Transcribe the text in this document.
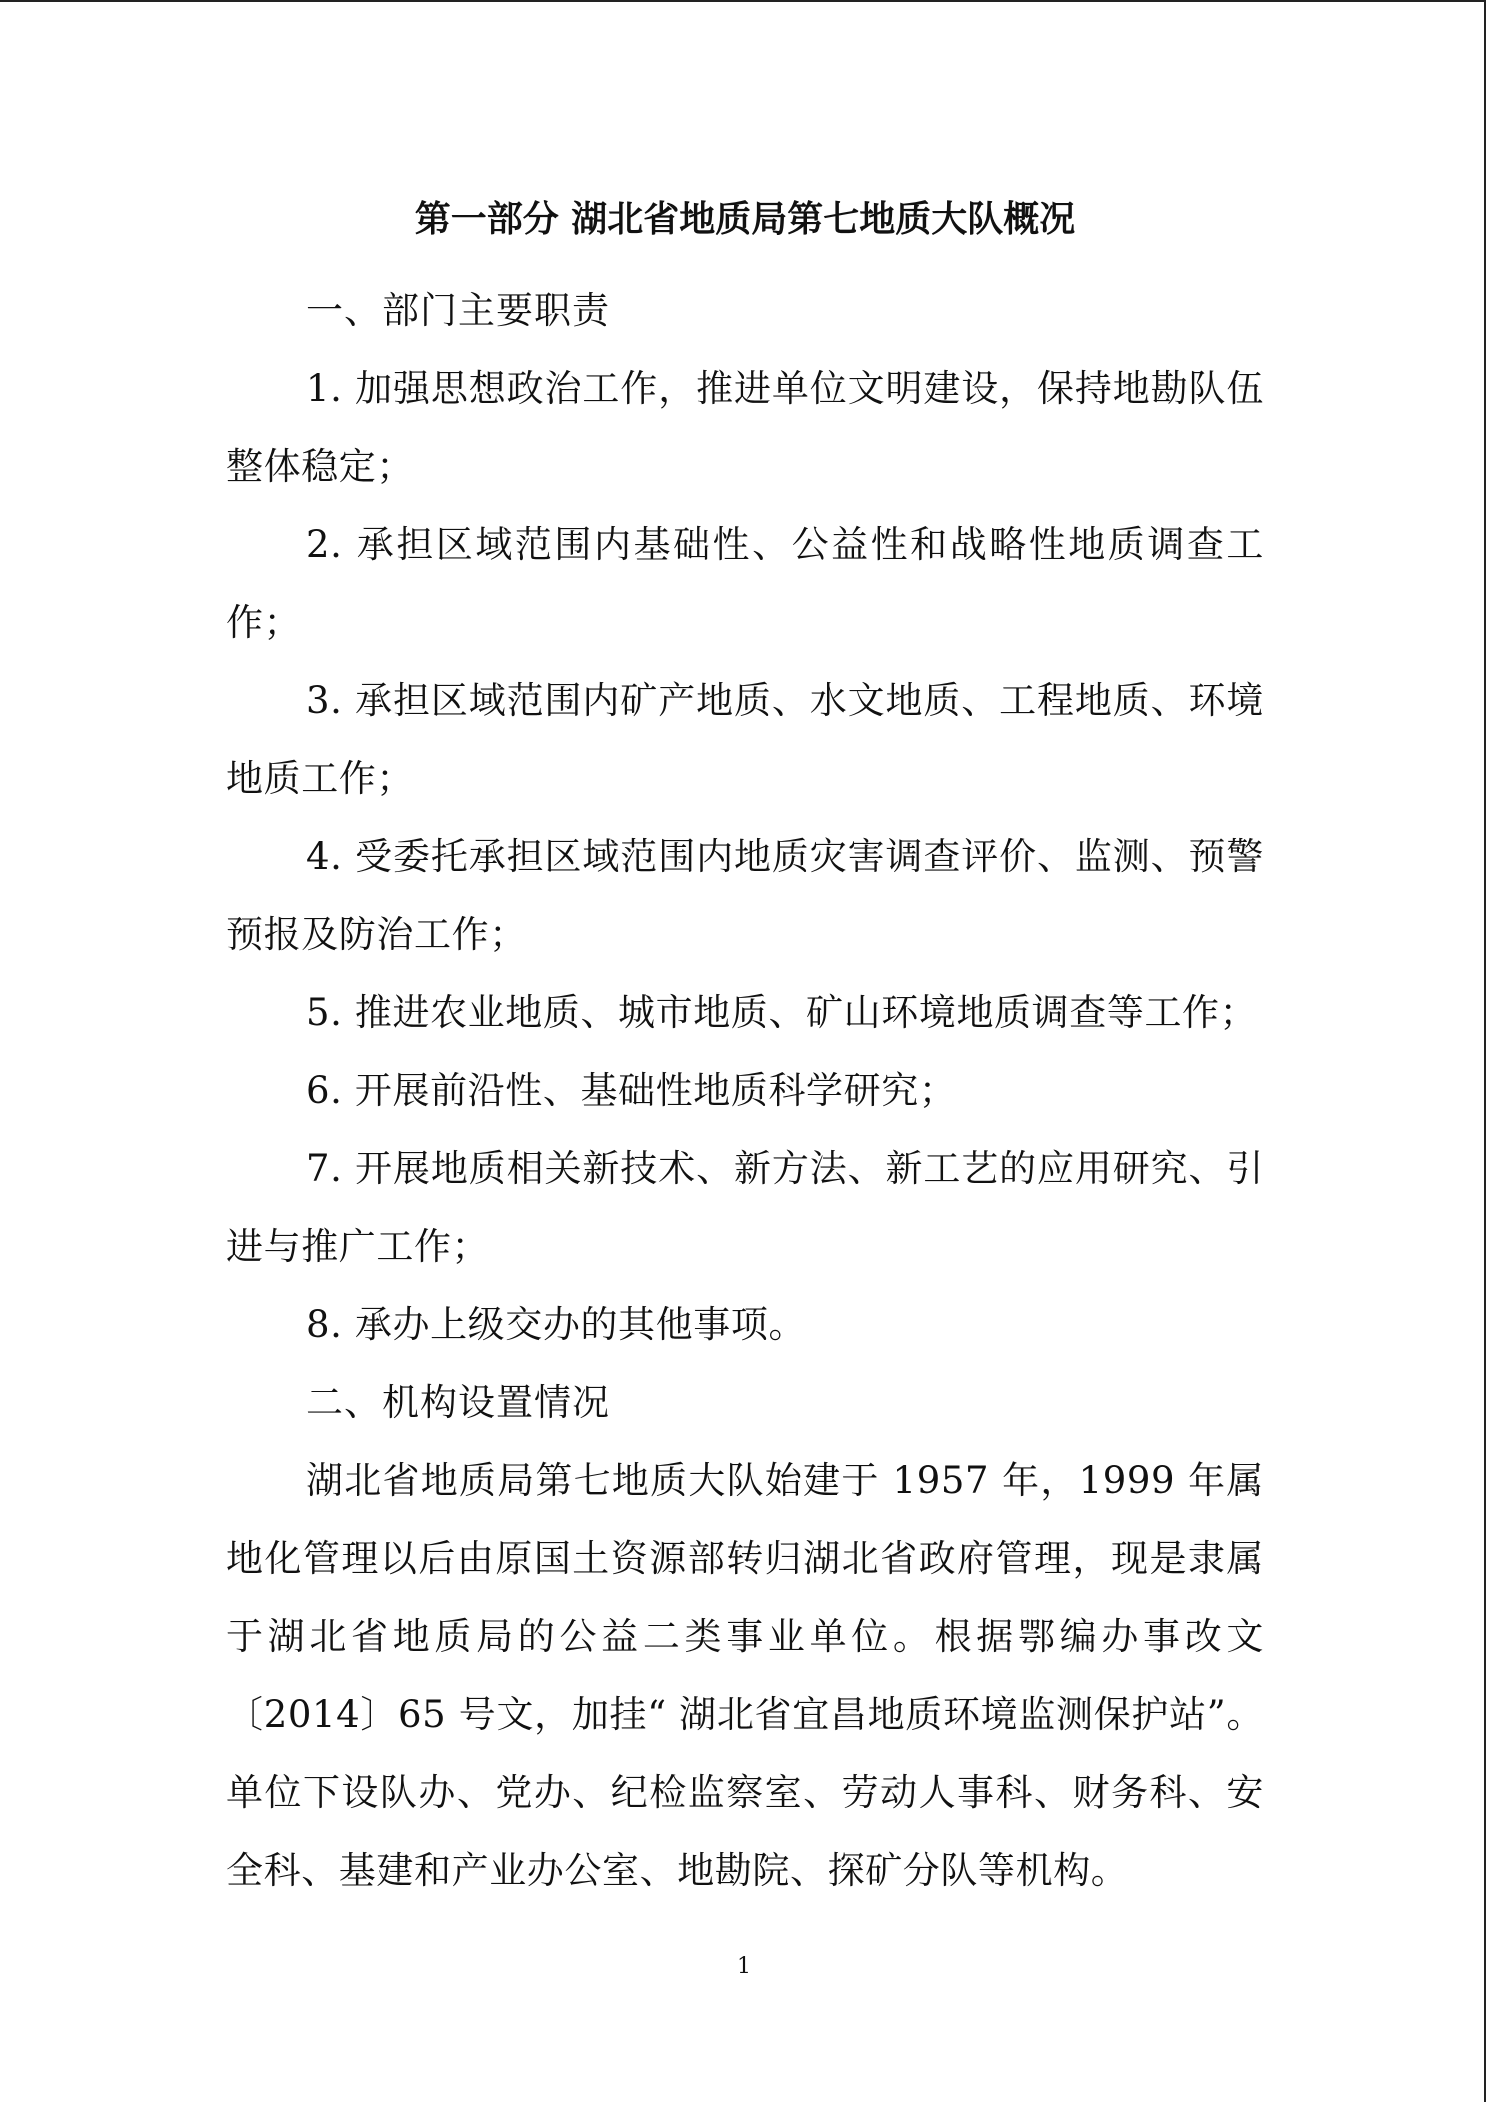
第一部分 湖北省地质局第七地质大队概况

一、部门主要职责

1. 加强思想政治工作，推进单位文明建设，保持地勘队伍整体稳定；

2. 承担区域范围内基础性、公益性和战略性地质调查工作；

3. 承担区域范围内矿产地质、水文地质、工程地质、环境地质工作；

4. 受委托承担区域范围内地质灾害调查评价、监测、预警预报及防治工作；

5. 推进农业地质、城市地质、矿山环境地质调查等工作；

6. 开展前沿性、基础性地质科学研究；

7. 开展地质相关新技术、新方法、新工艺的应用研究、引进与推广工作；

8. 承办上级交办的其他事项。

二、机构设置情况

湖北省地质局第七地质大队始建于 1957 年，1999 年属地化管理以后由原国土资源部转归湖北省政府管理，现是隶属于湖北省地质局的公益二类事业单位。根据鄂编办事改文〔2014〕65 号文，加挂“ 湖北省宜昌地质环境监测保护站”。单位下设队办、党办、纪检监察室、劳动人事科、财务科、安全科、基建和产业办公室、地勘院、探矿分队等机构。

1
